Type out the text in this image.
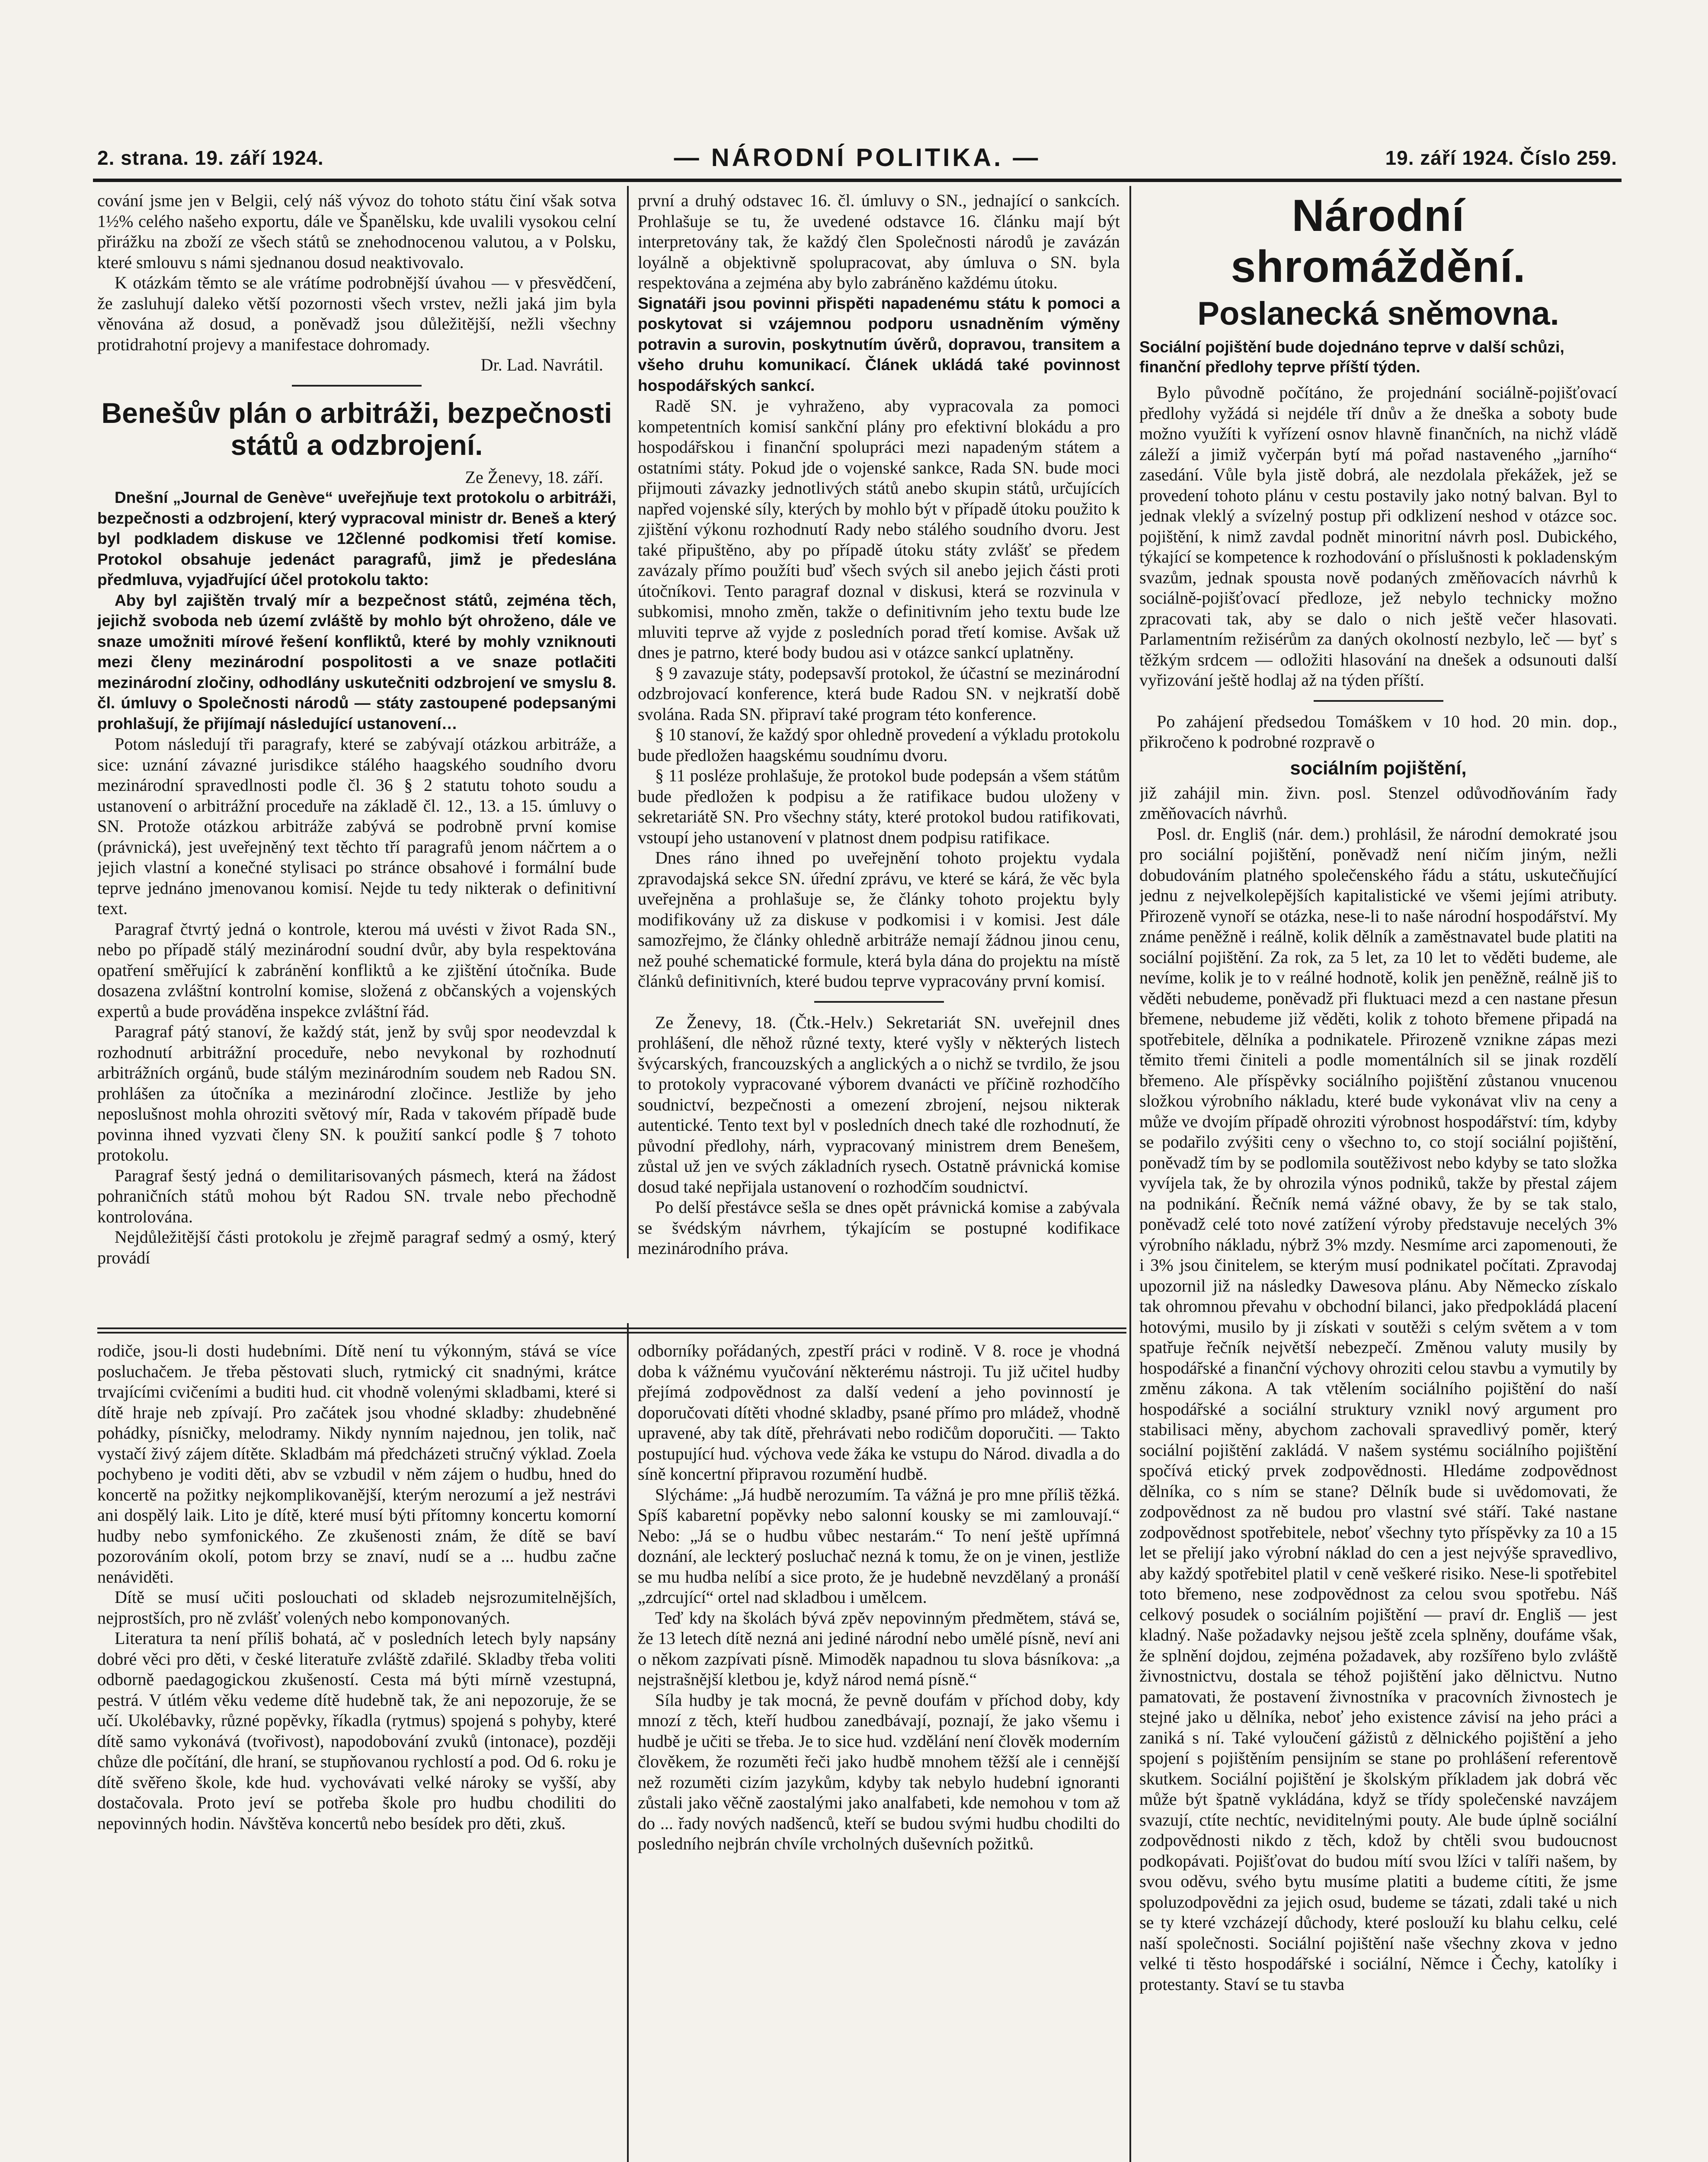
2. strana. 19. září 1924.	— NÁRODNÍ POLITIKA. —	19. září 1924. Číslo 259.

cování jsme jen v Belgii, celý náš vývoz do tohoto státu činí však sotva 1½% celého našeho exportu, dále ve Španělsku, kde uvalili vysokou celní přirážku na zboží ze všech států se znehodnocenou valutou, a v Polsku, které smlouvu s námi sjednanou dosud neaktivovalo.

K otázkám těmto se ale vrátíme podrobnější úvahou — v přesvědčení, že zasluhují daleko větší pozornosti všech vrstev, nežli jaká jim byla věnována až dosud, a poněvadž jsou důležitější, nežli všechny protidrahotní projevy a manifestace dohromady.

Dr. Lad. Navrátil.

Benešův plán o arbitráži, bezpečnosti států a odzbrojení.

Ze Ženevy, 18. září.

Dnešní „Journal de Genève“ uveřejňuje text protokolu o arbitráži, bezpečnosti a odzbrojení, který vypracoval ministr dr. Beneš a který byl podkladem diskuse ve 12členné podkomisi třetí komise. Protokol obsahuje jedenáct paragrafů, jimž je předeslána předmluva, vyjadřující účel protokolu takto:

Aby byl zajištěn trvalý mír a bezpečnost států, zejména těch, jejichž svoboda neb území zvláště by mohlo být ohroženo, dále ve snaze umožniti mírové řešení konfliktů, které by mohly vzniknouti mezi členy mezinárodní pospolitosti a ve snaze potlačiti mezinárodní zločiny, odhodlány uskutečniti odzbrojení ve smyslu 8. čl. úmluvy o Společnosti národů — státy zastoupené podepsanými prohlašují, že přijímají následující ustanovení…

Potom následují tři paragrafy, které se zabývají otázkou arbitráže, a sice: uznání závazné jurisdikce stálého haagského soudního dvoru mezinárodní spravedlnosti podle čl. 36 § 2 statutu tohoto soudu a ustanovení o arbitrážní proceduře na základě čl. 12., 13. a 15. úmluvy o SN. Protože otázkou arbitráže zabývá se podrobně první komise (právnická), jest uveřejněný text těchto tří paragrafů jenom náčrtem a o jejich vlastní a konečné stylisaci po stránce obsahové i formální bude teprve jednáno jmenovanou komisí. Nejde tu tedy nikterak o definitivní text.

Paragraf čtvrtý jedná o kontrole, kterou má uvésti v život Rada SN., nebo po případě stálý mezinárodní soudní dvůr, aby byla respektována opatření směřující k zabránění konfliktů a ke zjištění útočníka. Bude dosazena zvláštní kontrolní komise, složená z občanských a vojenských expertů a bude prováděna inspekce zvláštní řád.

Paragraf pátý stanoví, že každý stát, jenž by svůj spor neodevzdal k rozhodnutí arbitrážní proceduře, nebo nevykonal by rozhodnutí arbitrážních orgánů, bude stálým mezinárodním soudem neb Radou SN. prohlášen za útočníka a mezinárodní zločince. Jestliže by jeho neposlušnost mohla ohroziti světový mír, Rada v takovém případě bude povinna ihned vyzvati členy SN. k použití sankcí podle § 7 tohoto protokolu.

Paragraf šestý jedná o demilitarisovaných pásmech, která na žádost pohraničních států mohou být Radou SN. trvale nebo přechodně kontrolována.

Nejdůležitější části protokolu je zřejmě paragraf sedmý a osmý, který provádí

první a druhý odstavec 16. čl. úmluvy o SN., jednající o sankcích. Prohlašuje se tu, že uvedené odstavce 16. článku mají být interpretovány tak, že každý člen Společnosti národů je zavázán loyálně a objektivně spolupracovat, aby úmluva o SN. byla respektována a zejména aby bylo zabráněno každému útoku.

Signatáři jsou povinni přispěti napadenému státu k pomoci a poskytovat si vzájemnou podporu usnadněním výměny potravin a surovin, poskytnutím úvěrů, dopravou, transitem a všeho druhu komunikací. Článek ukládá také povinnost hospodářských sankcí.

Radě SN. je vyhraženo, aby vypracovala za pomoci kompetentních komisí sankční plány pro efektivní blokádu a pro hospodářskou i finanční spolupráci mezi napadeným státem a ostatními státy. Pokud jde o vojenské sankce, Rada SN. bude moci přijmouti závazky jednotlivých států anebo skupin států, určujících napřed vojenské síly, kterých by mohlo být v případě útoku použito k zjištění výkonu rozhodnutí Rady nebo stálého soudního dvoru. Jest také připuštěno, aby po případě útoku státy zvlášť se předem zavázaly přímo použíti buď všech svých sil anebo jejich části proti útočníkovi. Tento paragraf doznal v diskusi, která se rozvinula v subkomisi, mnoho změn, takže o definitivním jeho textu bude lze mluviti teprve až vyjde z posledních porad třetí komise. Avšak už dnes je patrno, které body budou asi v otázce sankcí uplatněny.

§ 9 zavazuje státy, podepsavší protokol, že účastní se mezinárodní odzbrojovací konference, která bude Radou SN. v nejkratší době svolána. Rada SN. připraví také program této konference.

§ 10 stanoví, že každý spor ohledně provedení a výkladu protokolu bude předložen haagskému soudnímu dvoru.

§ 11 posléze prohlašuje, že protokol bude podepsán a všem státům bude předložen k podpisu a že ratifikace budou uloženy v sekretariátě SN. Pro všechny státy, které protokol budou ratifikovati, vstoupí jeho ustanovení v platnost dnem podpisu ratifikace.

Dnes ráno ihned po uveřejnění tohoto projektu vydala zpravodajská sekce SN. úřední zprávu, ve které se kárá, že věc byla uveřejněna a prohlašuje se, že články tohoto projektu byly modifikovány už za diskuse v podkomisi i v komisi. Jest dále samozřejmo, že články ohledně arbitráže nemají žádnou jinou cenu, než pouhé schematické formule, která byla dána do projektu na místě článků definitivních, které budou teprve vypracovány první komisí.

Ze Ženevy, 18. (Čtk.-Helv.) Sekretariát SN. uveřejnil dnes prohlášení, dle něhož různé texty, které vyšly v některých listech švýcarských, francouzských a anglických a o nichž se tvrdilo, že jsou to protokoly vypracované výborem dvanácti ve příčině rozhodčího soudnictví, bezpečnosti a omezení zbrojení, nejsou nikterak autentické. Tento text byl v posledních dnech také dle rozhodnutí, že původní předlohy, nárh, vypracovaný ministrem drem Benešem, zůstal už jen ve svých základních rysech. Ostatně právnická komise dosud také nepřijala ustanovení o rozhodčím soudnictví.

Po delší přestávce sešla se dnes opět právnická komise a zabývala se švédským návrhem, týkajícím se postupné kodifikace mezinárodního práva.

Národní shromáždění.
Poslanecká sněmovna.
Sociální pojištění bude dojednáno teprve v další schůzi, finanční předlohy teprve příští týden.

Bylo původně počítáno, že projednání sociálně-pojišťovací předlohy vyžádá si nejdéle tří dnův a že dneška a soboty bude možno využíti k vyřízení osnov hlavně finančních, na nichž vládě záleží a jimiž vyčerpán bytí má pořad nastaveného „jarního“ zasedání. Vůle byla jistě dobrá, ale nezdolala překážek, jež se provedení tohoto plánu v cestu postavily jako notný balvan. Byl to jednak vleklý a svízelný postup při odklizení neshod v otázce soc. pojištění, k nimž zavdal podnět minoritní návrh posl. Dubického, týkající se kompetence k rozhodování o příslušnosti k pokladenským svazům, jednak spousta nově podaných změňovacích návrhů k sociálně-pojišťovací předloze, jež nebylo technicky možno zpracovati tak, aby se dalo o nich ještě večer hlasovati. Parlamentním režisérům za daných okolností nezbylo, leč — byť s těžkým srdcem — odložiti hlasování na dnešek a odsunouti další vyřizování ještě hodlaj až na týden příští.

Po zahájení předsedou Tomáškem v 10 hod. 20 min. dop., přikročeno k podrobné rozpravě o

sociálním pojištění,

již zahájil min. živn. posl. Stenzel odůvodňováním řady změňovacích návrhů.

Posl. dr. Engliš (nár. dem.) prohlásil, že národní demokraté jsou pro sociální pojištění, poněvadž není ničím jiným, nežli dobudováním platného společenského řádu a státu, uskutečňující jednu z nejvelkolepějších kapitalistické ve všemi jejími atributy. Přirozeně vynoří se otázka, nese-li to naše národní hospodářství. My známe peněžně i reálně, kolik dělník a zaměstnavatel bude platiti na sociální pojištění. Za rok, za 5 let, za 10 let to věděti budeme, ale nevíme, kolik je to v reálné hodnotě, kolik jen peněžně, reálně jiš to věděti nebudeme, poněvadž při fluktuaci mezd a cen nastane přesun břemene, nebudeme již věděti, kolik z tohoto břemene připadá na spotřebitele, dělníka a podnikatele. Přirozeně vznikne zápas mezi těmito třemi činiteli a podle momentálních sil se jinak rozdělí břemeno. Ale příspěvky sociálního pojištění zůstanou vnucenou složkou výrobního nákladu, které bude vykonávat vliv na ceny a může ve dvojím případě ohroziti výrobnost hospodářství: tím, kdyby se podařilo zvýšiti ceny o všechno to, co stojí sociální pojištění, poněvadž tím by se podlomila soutěživost nebo kdyby se tato složka vyvíjela tak, že by ohrozila výnos podniků, takže by přestal zájem na podnikání. Řečník nemá vážné obavy, že by se tak stalo, poněvadž celé toto nové zatížení výroby představuje necelých 3% výrobního nákladu, nýbrž 3% mzdy. Nesmíme arci zapomenouti, že i 3% jsou činitelem, se kterým musí podnikatel počítati. Zpravodaj upozornil již na následky Dawesova plánu. Aby Německo získalo tak ohromnou převahu v obchodní bilanci, jako předpokládá placení hotovými, musilo by ji získati v soutěži s celým světem a v tom spatřuje řečník největší nebezpečí. Změnou valuty musily by hospodářské a finanční výchovy ohroziti celou stavbu a vymutily by změnu zákona. A tak vtělením sociálního pojištění do naší hospodářské a sociální struktury vznikl nový argument pro stabilisaci měny, abychom zachovali spravedlivý poměr, který sociální pojištění zakládá. V našem systému sociálního pojištění spočívá etický prvek zodpovědnosti. Hledáme zodpovědnost dělníka, co s ním se stane? Dělník bude si uvědomovati, že zodpovědnost za ně budou pro vlastní své stáří. Také nastane zodpovědnost spotřebitele, neboť všechny tyto příspěvky za 10 a 15 let se přelijí jako výrobní náklad do cen a jest nejvýše spravedlivo, aby každý spotřebitel platil v ceně veškeré risiko. Nese-li spotřebitel toto břemeno, nese zodpovědnost za celou svou spotřebu. Náš celkový posudek o sociálním pojištění — praví dr. Engliš — jest kladný. Naše požadavky nejsou ještě zcela splněny, doufáme však, že splnění dojdou, zejména požadavek, aby rozšířeno bylo zvláště živnostnictvu, dostala se téhož pojištění jako dělnictvu. Nutno pamatovati, že postavení živnostníka v pracovních živnostech je stejné jako u dělníka, neboť jeho existence závisí na jeho práci a zaniká s ní. Také vyloučení gážistů z dělnického pojištění a jeho spojení s pojištěním pensijním se stane po prohlášení referentově skutkem. Sociální pojištění je školským příkladem jak dobrá věc může být špatně vykládána, když se třídy společenské navzájem svazují, ctíte nechtíc, neviditelnými pouty. Ale bude úplně sociální zodpovědnosti nikdo z těch, kdož by chtěli svou budoucnost podkopávati. Pojišťovat do budou mítí svou lžíci v talíři našem, by svou oděvu, svého bytu musíme platiti a budeme cítiti, že jsme spoluzodpovědni za jejich osud, budeme se tázati, zdali také u nich se ty které vzcházejí důchody, které poslouží ku blahu celku, celé naší společnosti. Sociální pojištění naše všechny zkova v jedno velké ti těsto hospodářské i sociální, Němce i Čechy, katolíky i protestanty. Staví se tu stavba

rodiče, jsou-li dosti hudebními. Dítě není tu výkonným, stává se více posluchačem. Je třeba pěstovati sluch, rytmický cit snadnými, krátce trvajícími cvičeními a buditi hud. cit vhodně volenými skladbami, které si dítě hraje neb zpívají. Pro začátek jsou vhodné skladby: zhudebněné pohádky, písničky, melodramy. Nikdy nynním najednou, jen tolik, nač vystačí živý zájem dítěte. Skladbám má předcházeti stručný výklad. Zoela pochybeno je voditi děti, abv se vzbudil v něm zájem o hudbu, hned do koncertě na požitky nejkomplikovanější, kterým nerozumí a jež nestrávi ani dospělý laik. Lito je dítě, které musí býti přítomny koncertu komorní hudby nebo symfonického. Ze zkušenosti znám, že dítě se baví pozorováním okolí, potom brzy se znaví, nudí se a ... hudbu začne nenáviděti.

Dítě se musí učiti poslouchati od skladeb nejsrozumitelnějších, nejprostších, pro ně zvlášť volených nebo komponovaných.

Literatura ta není příliš bohatá, ač v posledních letech byly napsány dobré věci pro děti, v české literatuře zvláště zdařilé. Skladby třeba voliti odborně paedagogickou zkušeností. Cesta má býti mírně vzestupná, pestrá. V útlém věku vedeme dítě hudebně tak, že ani nepozoruje, že se učí. Ukolébavky, různé popěvky, říkadla (rytmus) spojená s pohyby, které dítě samo vykonává (tvořivost), napodobování zvuků (intonace), později chůze dle počítání, dle hraní, se stupňovanou rychlostí a pod. Od 6. roku je dítě svěřeno škole, kde hud. vychovávati velké nároky se vyšší, aby dostačovala. Proto jeví se potřeba škole pro hudbu chodiliti do nepovinných hodin. Návštěva koncertů nebo besídek pro děti, zkuš.

odborníky pořádaných, zpestří práci v rodině. V 8. roce je vhodná doba k vážnému vyučování některému nástroji. Tu již učitel hudby přejímá zodpovědnost za další vedení a jeho povinností je doporučovati dítěti vhodné skladby, psané přímo pro mládež, vhodně upravené, aby tak dítě, přehrávati nebo rodičům doporučiti. — Takto postupující hud. výchova vede žáka ke vstupu do Národ. divadla a do síně koncertní připravou rozumění hudbě.

Slýcháme: „Já hudbě nerozumím. Ta vážná je pro mne příliš těžká. Spíš kabaretní popěvky nebo salonní kousky se mi zamlouvají.“ Nebo: „Já se o hudbu vůbec nestarám.“ To není ještě upřímná doznání, ale leckterý posluchač nezná k tomu, že on je vinen, jestliže se mu hudba nelíbí a sice proto, že je hudebně nevzdělaný a pronáší „zdrcující“ ortel nad skladbou i umělcem.

Teď kdy na školách bývá zpěv nepovinným předmětem, stává se, že 13 letech dítě nezná ani jediné národní nebo umělé písně, neví ani o někom zazpívati písně. Mimoděk napadnou tu slova básníkova: „a nejstrašnější kletbou je, když národ nemá písně.“

Síla hudby je tak mocná, že pevně doufám v příchod doby, kdy mnozí z těch, kteří hudbou zanedbávají, poznají, že jako všemu i hudbě je učiti se třeba. Je to sice hud. vzdělání není člověk moderním člověkem, že rozuměti řeči jako hudbě mnohem těžší ale i cennější než rozuměti cizím jazykům, kdyby tak nebylo hudební ignoranti zůstali jako věčně zaostalými jako analfabeti, kde nemohou v tom až do ... řady nových nadšenců, kteří se budou svými hudbu chodilti do posledního nejbrán chvíle vrcholných duševních požitků.
